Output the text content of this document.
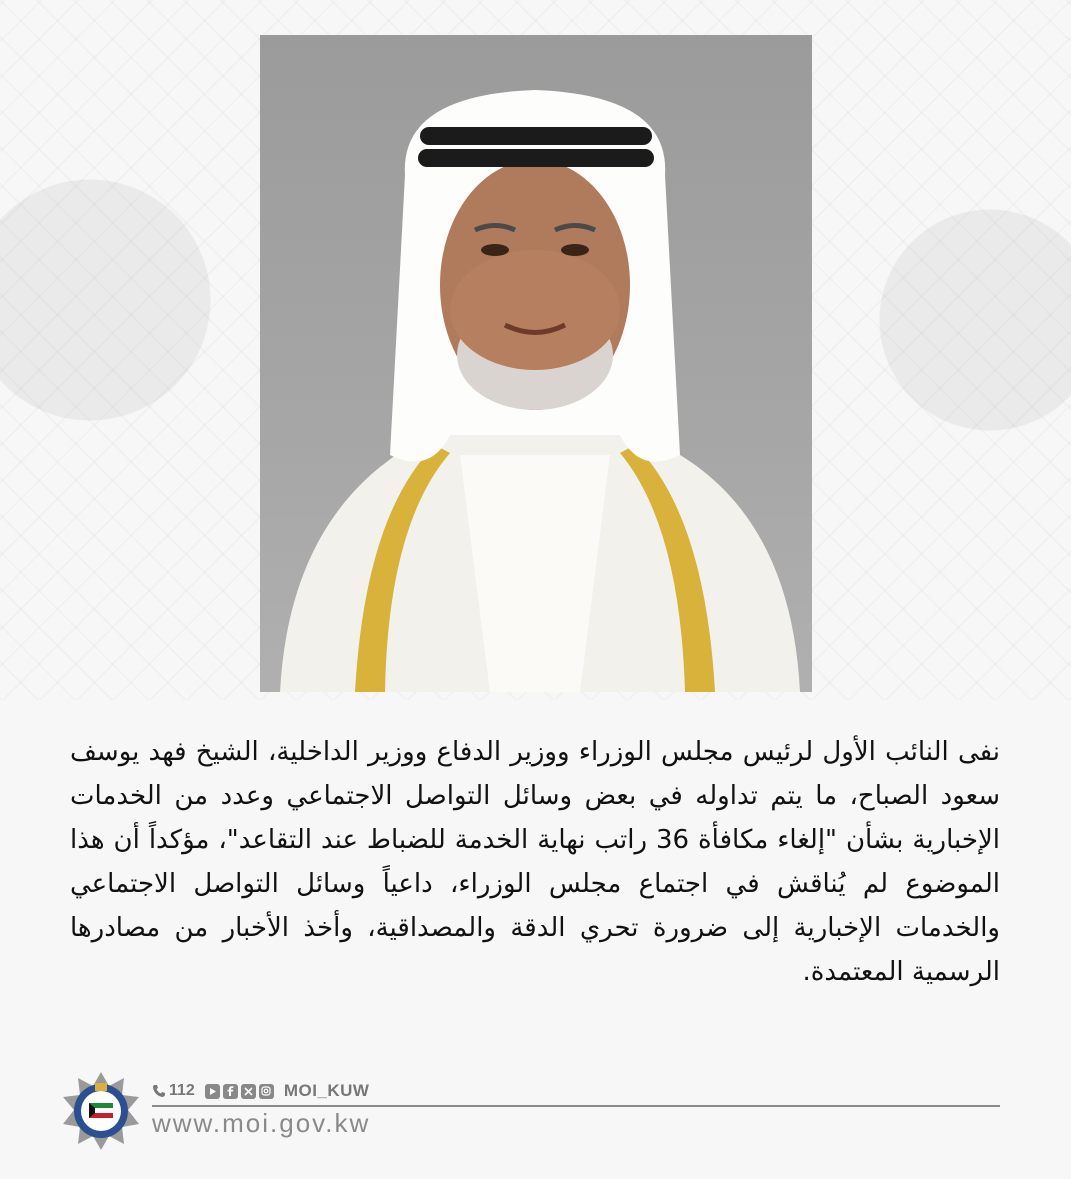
نفى النائب الأول لرئيس مجلس الوزراء ووزير الدفاع ووزير الداخلية، الشيخ فهد يوسف سعود الصباح، ما يتم تداوله في بعض وسائل التواصل الاجتماعي وعدد من الخدمات الإخبارية بشأن "إلغاء مكافأة 36 راتب نهاية الخدمة للضباط عند التقاعد"، مؤكداً أن هذا الموضوع لم يُناقش في اجتماع مجلس الوزراء، داعياً وسائل التواصل الاجتماعي والخدمات الإخبارية إلى ضرورة تحري الدقة والمصداقية، وأخذ الأخبار من مصادرها الرسمية المعتمدة.

112	MOI_KUW
www.moi.gov.kw
